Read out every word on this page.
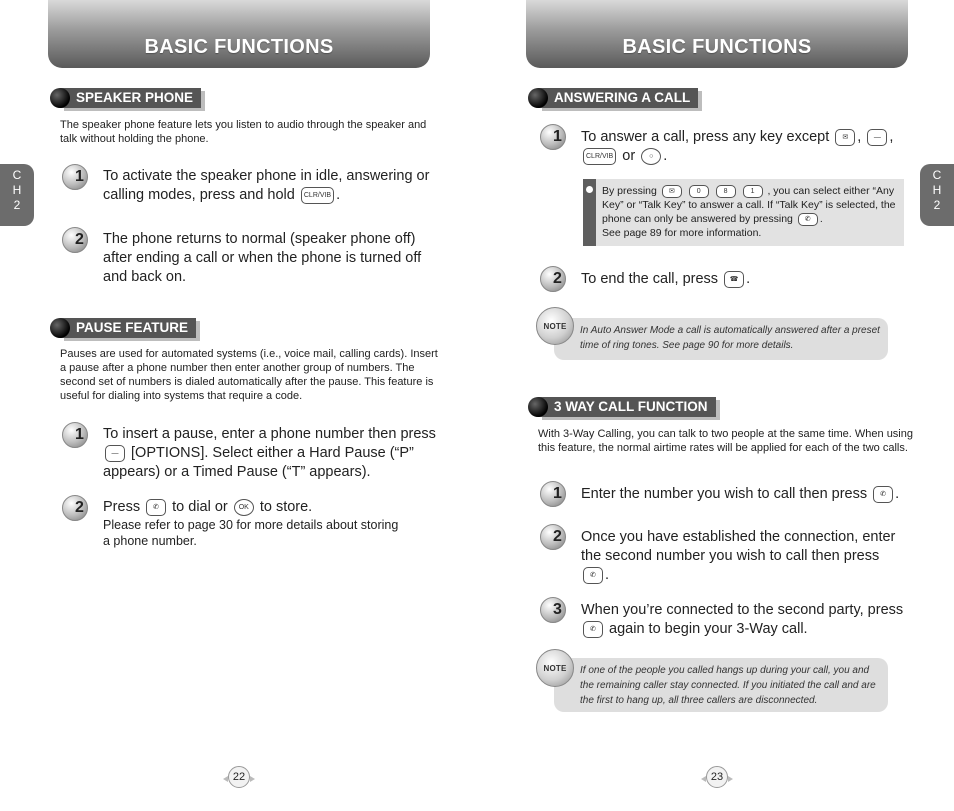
BASIC FUNCTIONS
C
H
2
SPEAKER PHONE
The speaker phone feature lets you listen to audio through the speaker and talk without holding the phone.
1 To activate the speaker phone in idle, answering or calling modes, press and hold CLR/VIB .
2 The phone returns to normal (speaker phone off) after ending a call or when the phone is turned off and back on.
PAUSE FEATURE
Pauses are used for automated systems (i.e., voice mail, calling cards). Insert a pause after a phone number then enter another group of numbers. The second set of numbers is dialed automatically after the pause. This feature is useful for dialing into systems that require a code.
1 To insert a pause, enter a phone number then press — [OPTIONS]. Select either a Hard Pause (“P” appears) or a Timed Pause (“T” appears).
2 Press ✆ to dial or OK to store.
Please refer to page 30 for more details about storing a phone number.
22
BASIC FUNCTIONS
C
H
2
ANSWERING A CALL
1 To answer a call, press any key except ✉ , — ,
CLR/VIB or ○ .
By pressing ✉	0	8	1 , you can select either “Any Key” or “Talk Key” to answer a call. If “Talk Key” is selected, the phone can only be answered by pressing ✆ .
See page 89 for more information.
2 To end the call, press ☎ .
In Auto Answer Mode a call is automatically answered after a preset time of ring tones. See page 90 for more details.
NOTE
3 WAY CALL FUNCTION
With 3-Way Calling, you can talk to two people at the same time. When using this feature, the normal airtime rates will be applied for each of the two calls.
1 Enter the number you wish to call then press ✆ .
2 Once you have established the connection, enter the second number you wish to call then press ✆ .
3 When you’re connected to the second party, press ✆ again to begin your 3-Way call.
If one of the people you called hangs up during your call, you and the remaining caller stay connected. If you initiated the call and are the first to hang up, all three callers are disconnected.
NOTE
23
